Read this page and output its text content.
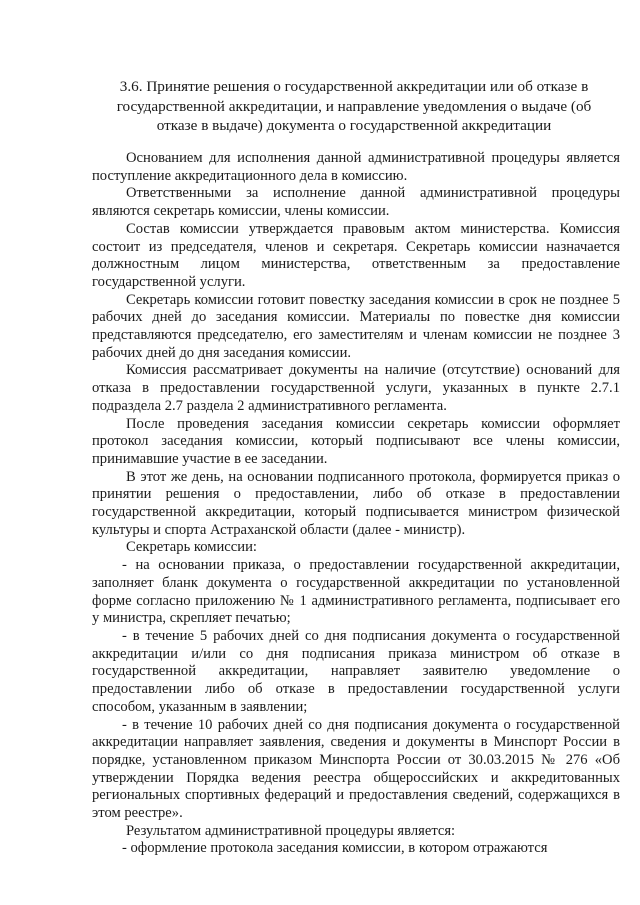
3.6. Принятие решения о государственной аккредитации или об отказе в государственной аккредитации, и направление уведомления о выдаче (об отказе в выдаче) документа о государственной аккредитации

Основанием для исполнения данной административной процедуры является поступление аккредитационного дела в комиссию.

Ответственными за исполнение данной административной процедуры являются секретарь комиссии, члены комиссии.

Состав комиссии утверждается правовым актом министерства. Комиссия состоит из председателя, членов и секретаря. Секретарь комиссии назначается должностным лицом министерства, ответственным за предоставление государственной услуги.

Секретарь комиссии готовит повестку заседания комиссии в срок не позднее 5 рабочих дней до заседания комиссии. Материалы по повестке дня комиссии представляются председателю, его заместителям и членам комиссии не позднее 3 рабочих дней до дня заседания комиссии.

Комиссия рассматривает документы на наличие (отсутствие) оснований для отказа в предоставлении государственной услуги, указанных в пункте 2.7.1 подраздела 2.7 раздела 2 административного регламента.

После проведения заседания комиссии секретарь комиссии оформляет протокол заседания комиссии, который подписывают все члены комиссии, принимавшие участие в ее заседании.

В этот же день, на основании подписанного протокола, формируется приказ о принятии решения о предоставлении, либо об отказе в предоставлении государственной аккредитации, который подписывается министром физической культуры и спорта Астраханской области (далее - министр).

Секретарь комиссии:

- на основании приказа, о предоставлении государственной аккредитации, заполняет бланк документа о государственной аккредитации по установленной форме согласно приложению № 1 административного регламента, подписывает его у министра, скрепляет печатью;

- в течение 5 рабочих дней со дня подписания документа о государственной аккредитации и/или со дня подписания приказа министром об отказе в государственной аккредитации, направляет заявителю уведомление о предоставлении либо об отказе в предоставлении государственной услуги способом, указанным в заявлении;

- в течение 10 рабочих дней со дня подписания документа о государственной аккредитации направляет заявления, сведения и документы в Минспорт России в порядке, установленном приказом Минспорта России от 30.03.2015 № 276 «Об утверждении Порядка ведения реестра общероссийских и аккредитованных региональных спортивных федераций и предоставления сведений, содержащихся в этом реестре».

Результатом административной процедуры является:

- оформление протокола заседания комиссии, в котором отражаются
